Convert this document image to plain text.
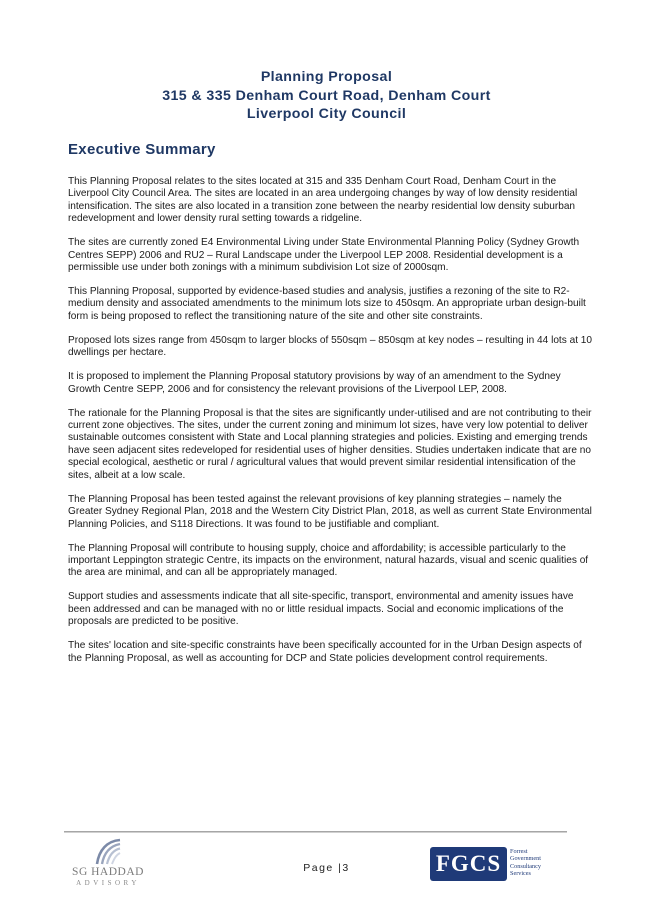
Planning Proposal
315 & 335 Denham Court Road, Denham Court
Liverpool City Council
Executive Summary

This Planning Proposal relates to the sites located at 315 and 335 Denham Court Road, Denham Court in the Liverpool City Council Area. The sites are located in an area undergoing changes by way of low density residential intensification. The sites are also located in a transition zone between the nearby residential low density suburban redevelopment and lower density rural setting towards a ridgeline.

The sites are currently zoned E4 Environmental Living under State Environmental Planning Policy (Sydney Growth Centres SEPP) 2006 and RU2 – Rural Landscape under the Liverpool LEP 2008. Residential development is a permissible use under both zonings with a minimum subdivision Lot size of 2000sqm.

This Planning Proposal, supported by evidence-based studies and analysis, justifies a rezoning of the site to R2-medium density and associated amendments to the minimum lots size to 450sqm. An appropriate urban design-built form is being proposed to reflect the transitioning nature of the site and other site constraints.

Proposed lots sizes range from 450sqm to larger blocks of 550sqm – 850sqm at key nodes – resulting in 44 lots at 10 dwellings per hectare.

It is proposed to implement the Planning Proposal statutory provisions by way of an amendment to the Sydney Growth Centre SEPP, 2006 and for consistency the relevant provisions of the Liverpool LEP, 2008.

The rationale for the Planning Proposal is that the sites are significantly under-utilised and are not contributing to their current zone objectives. The sites, under the current zoning and minimum lot sizes, have very low potential to deliver sustainable outcomes consistent with State and Local planning strategies and policies. Existing and emerging trends have seen adjacent sites redeveloped for residential uses of higher densities. Studies undertaken indicate that are no special ecological, aesthetic or rural / agricultural values that would prevent similar residential intensification of the sites, albeit at a low scale.

The Planning Proposal has been tested against the relevant provisions of key planning strategies – namely the Greater Sydney Regional Plan, 2018 and the Western City District Plan, 2018, as well as current State Environmental Planning Policies, and S118 Directions. It was found to be justifiable and compliant.

The Planning Proposal will contribute to housing supply, choice and affordability; is accessible particularly to the important Leppington strategic Centre, its impacts on the environment, natural hazards, visual and scenic qualities of the area are minimal, and can all be appropriately managed.

Support studies and assessments indicate that all site-specific, transport, environmental and amenity issues have been addressed and can be managed with no or little residual impacts. Social and economic implications of the proposals are predicted to be positive.

The sites' location and site-specific constraints have been specifically accounted for in the Urban Design aspects of the Planning Proposal, as well as accounting for DCP and State policies development control requirements.

SG HADDAD
ADVISORY
Page |3	FGCS	Forrest
Government
Consultancy
Services
